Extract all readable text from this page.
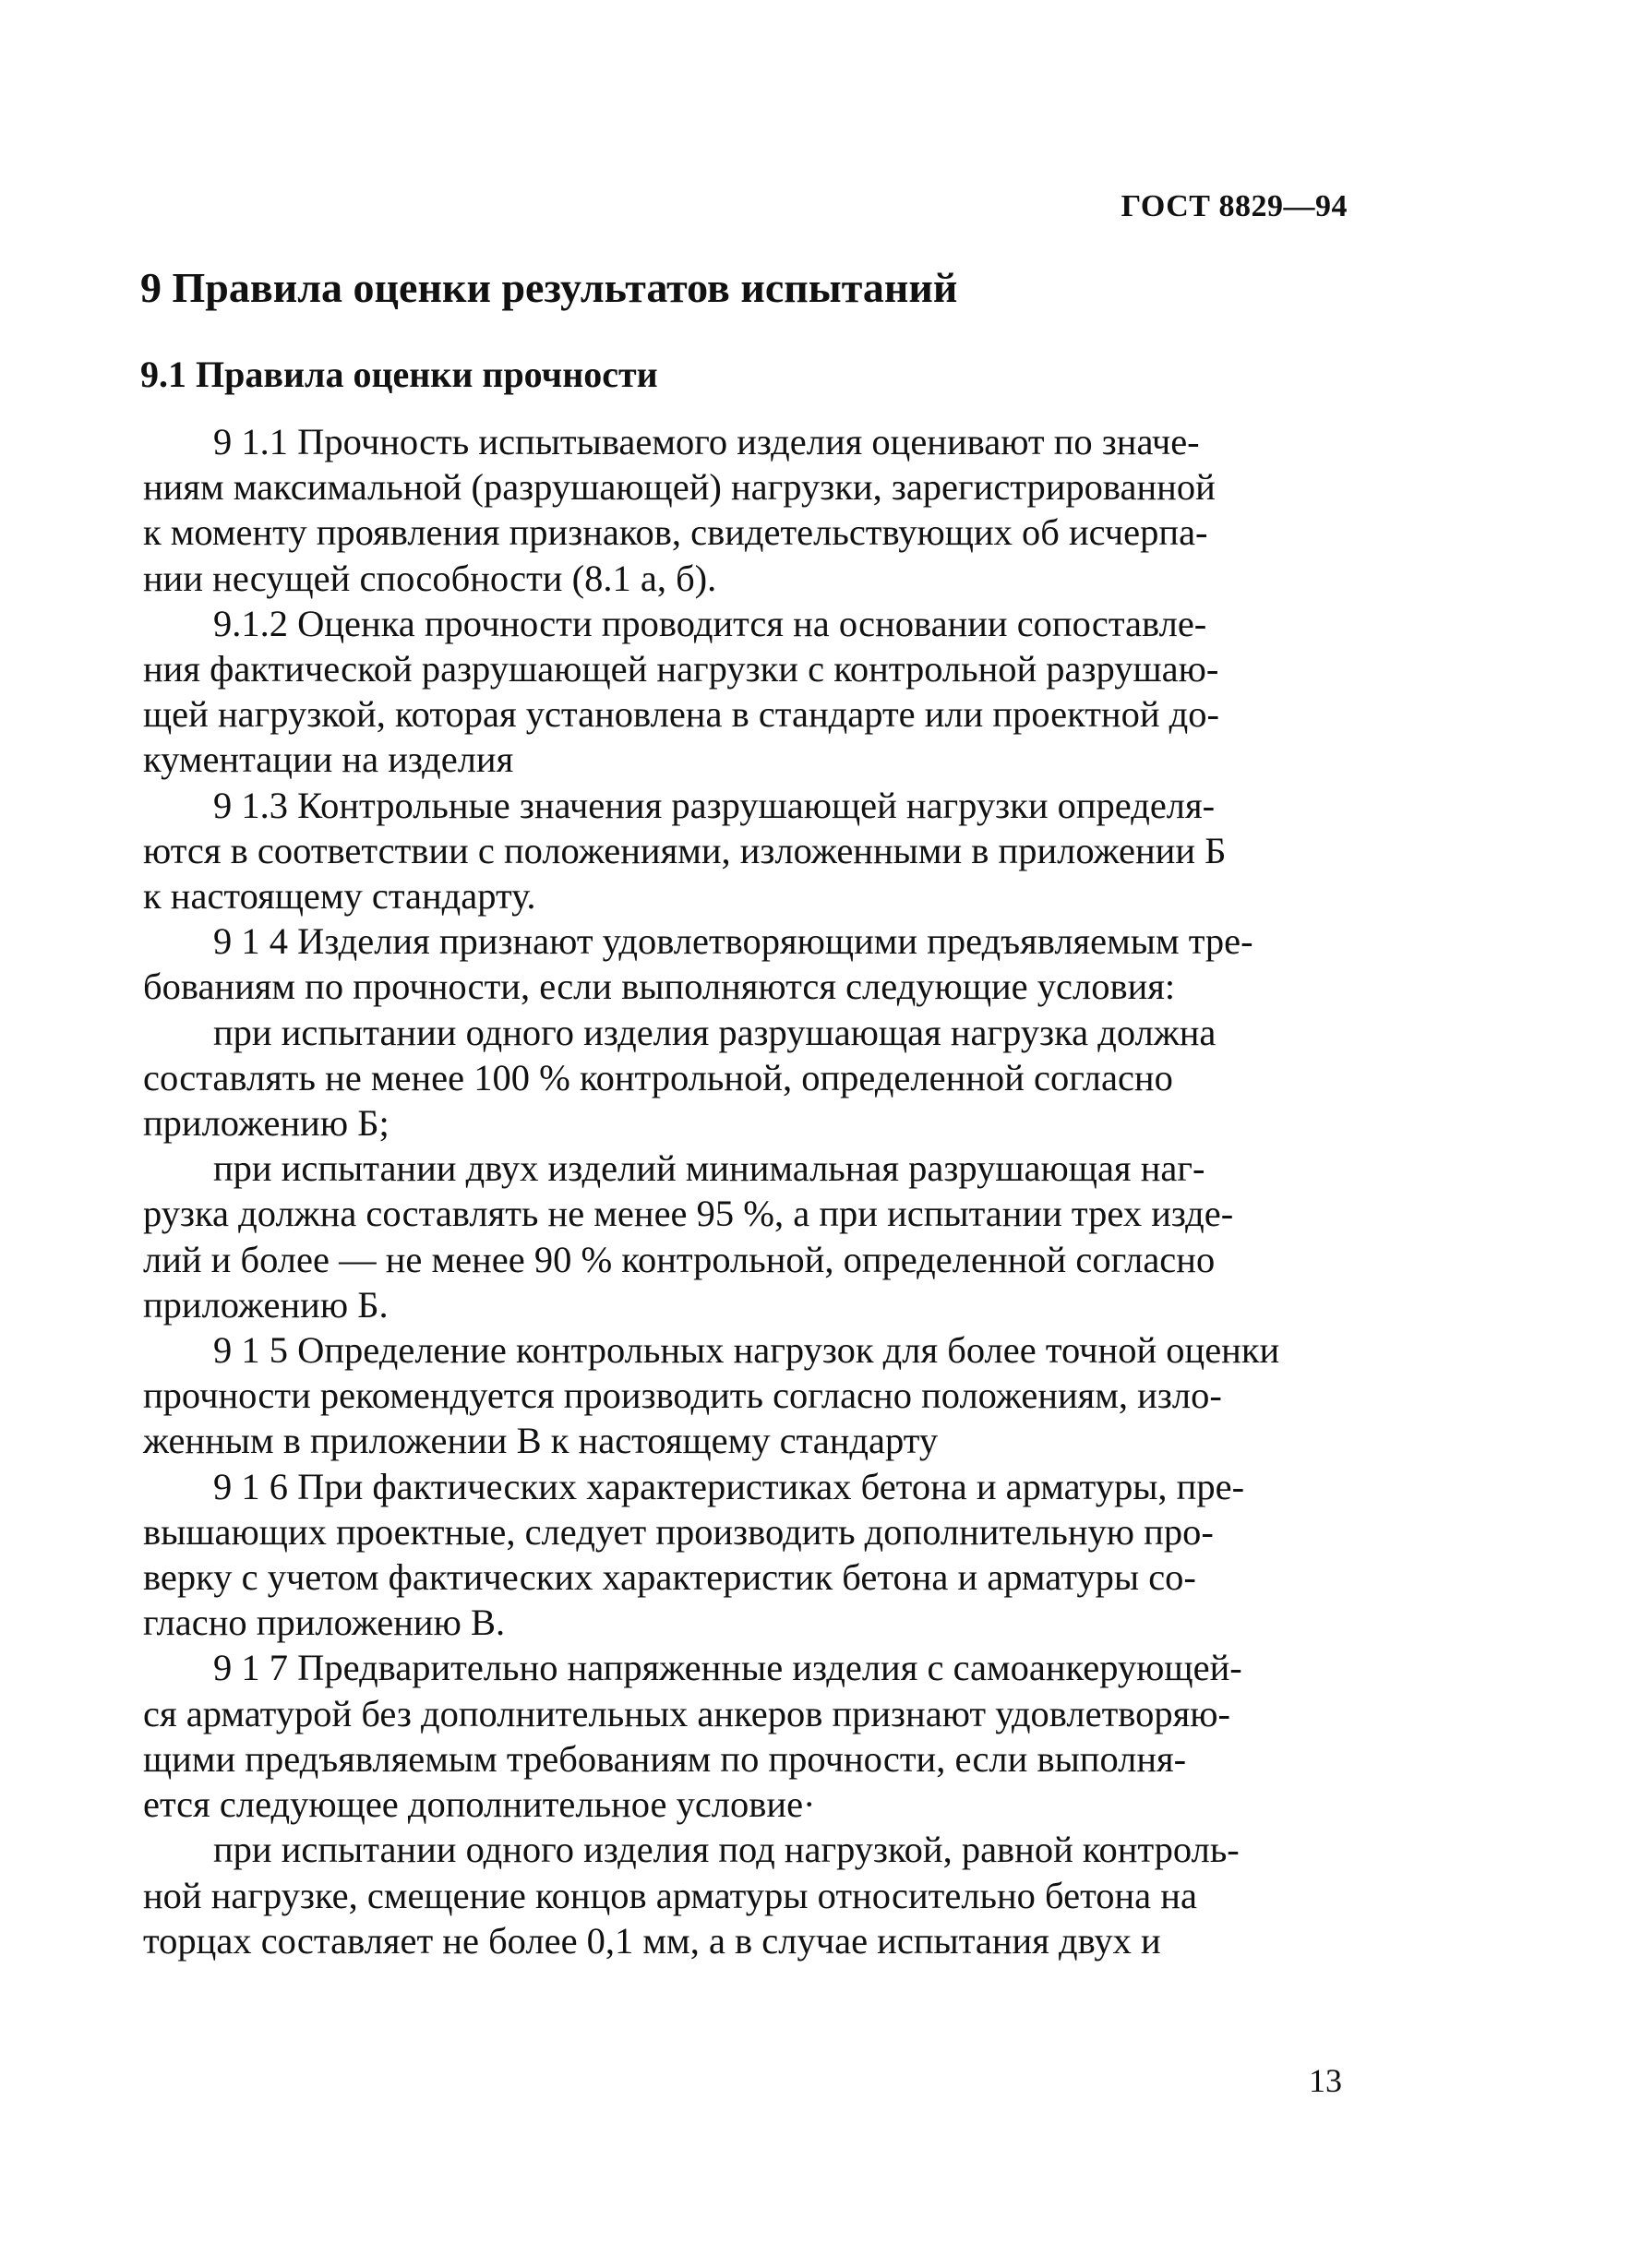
ГОСТ 8829—94
9 Правила оценки результатов испытаний
9.1 Правила оценки прочности
9 1.1 Прочность испытываемого изделия оценивают по значе-
ниям максимальной (разрушающей) нагрузки, зарегистрированной
к моменту проявления признаков, свидетельствующих об исчерпа-
нии несущей способности (8.1 а, б).
9.1.2 Оценка прочности проводится на основании сопоставле-
ния фактической разрушающей нагрузки с контрольной разрушаю-
щей нагрузкой, которая установлена в стандарте или проектной до-
кументации на изделия
9 1.3 Контрольные значения разрушающей нагрузки определя-
ются в соответствии с положениями, изложенными в приложении Б
к настоящему стандарту.
9 1 4 Изделия признают удовлетворяющими предъявляемым тре-
бованиям по прочности, если выполняются следующие условия:
при испытании одного изделия разрушающая нагрузка должна
составлять не менее 100 % контрольной, определенной согласно
приложению Б;
при испытании двух изделий минимальная разрушающая наг-
рузка должна составлять не менее 95 %, а при испытании трех изде-
лий и более — не менее 90 % контрольной, определенной согласно
приложению Б.
9 1 5 Определение контрольных нагрузок для более точной оценки
прочности рекомендуется производить согласно положениям, изло-
женным в приложении В к настоящему стандарту
9 1 6 При фактических характеристиках бетона и арматуры, пре-
вышающих проектные, следует производить дополнительную про-
верку с учетом фактических характеристик бетона и арматуры со-
гласно приложению В.
9 1 7 Предварительно напряженные изделия с самоанкерующей-
ся арматурой без дополнительных анкеров признают удовлетворяю-
щими предъявляемым требованиям по прочности, если выполня-
ется следующее дополнительное условие·
при испытании одного изделия под нагрузкой, равной контроль-
ной нагрузке, смещение концов арматуры относительно бетона на
торцах составляет не более 0,1 мм, а в случае испытания двух и
13
